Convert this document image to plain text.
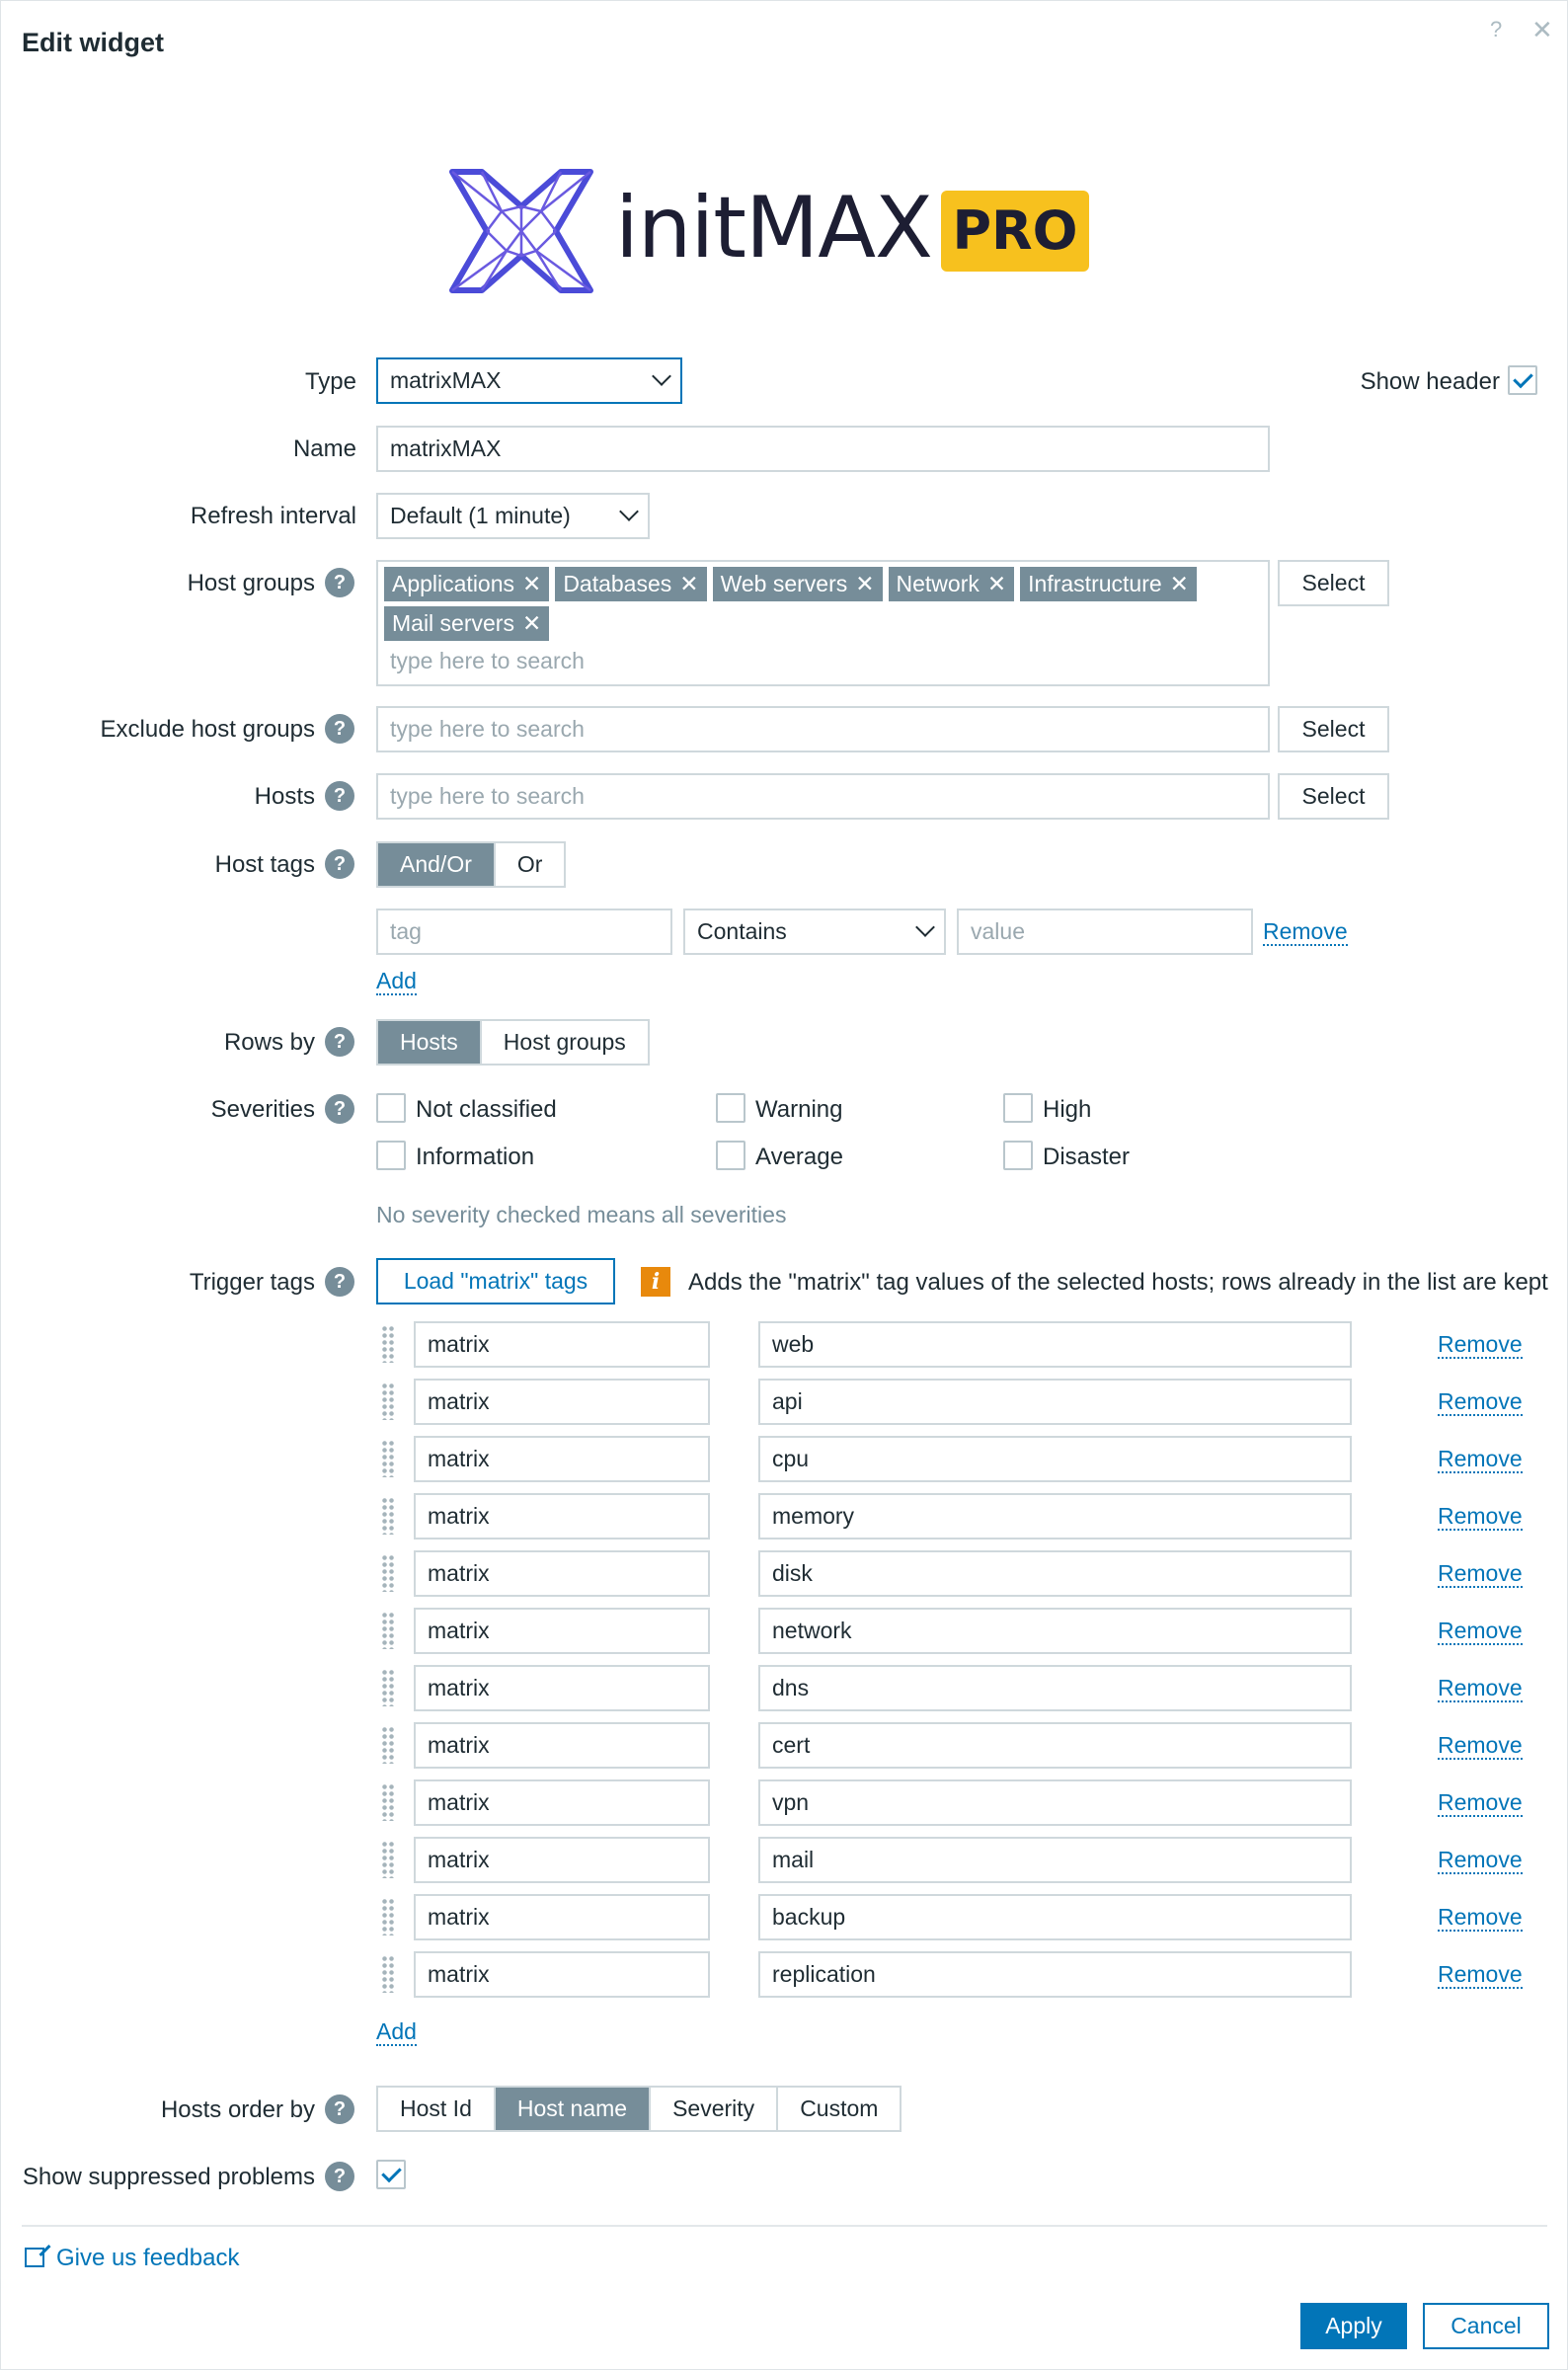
Edit widget	? ✕
initMAX PRO
Type	matrixMAX	Show header
Name	matrixMAX
Refresh interval	Default (1 minute)
Host groups ?	Applications ✕ Databases ✕ Web servers ✕ Network ✕ Infrastructure ✕Mail servers ✕
type here to search
Select
Exclude host groups ?	type here to search	Select
Hosts ?	type here to search	Select
Host tags ?	And/Or	Or
tag	Contains	value	Remove
Add
Rows by ?	Hosts	Host groups
Severities ?	Not classified	Warning	High
Information	Average	Disaster
No severity checked means all severities
Trigger tags ?	Load "matrix" tags	i	Adds the "matrix" tag values of the selected hosts; rows already in the list are kept
matrix	web	Remove
matrix	api	Remove
matrix	cpu	Remove
matrix	memory	Remove
matrix	disk	Remove
matrix	network	Remove
matrix	dns	Remove
matrix	cert	Remove
matrix	vpn	Remove
matrix	mail	Remove
matrix	backup	Remove
matrix	replication	Remove
Add
Hosts order by ?	Host Id	Host name	Severity	Custom
Show suppressed problems ?
Give us feedback
Apply	Cancel
